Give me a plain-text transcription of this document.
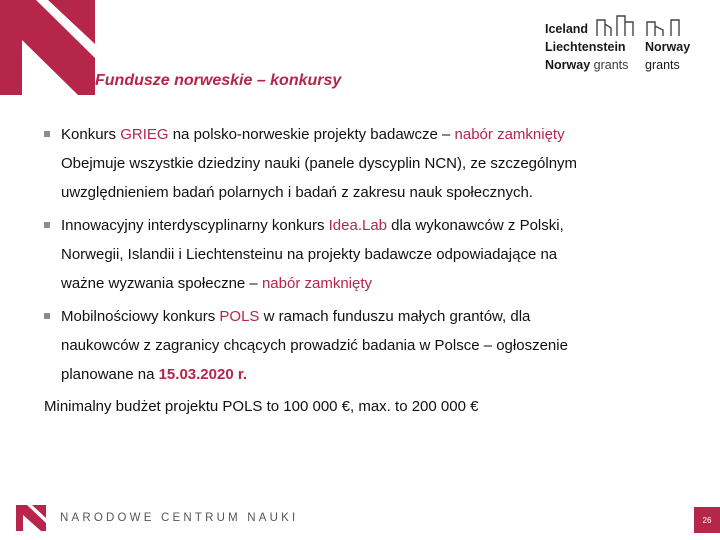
Fundusze norweskie – konkursy
Iceland
Liechtenstein Norway
Norway grants grants
Konkurs GRIEG na polsko-norweskie projekty badawcze – nabór zamknięty
Obejmuje wszystkie dziedziny nauki (panele dyscyplin NCN), ze szczególnym
uwzględnieniem badań polarnych i badań z zakresu nauk społecznych.
Innowacyjny interdyscyplinarny konkurs Idea.Lab dla wykonawców z Polski,
Norwegii, Islandii i Liechtensteinu na projekty badawcze odpowiadające na
ważne wyzwania społeczne – nabór zamknięty
Mobilnościowy konkurs POLS w ramach funduszu małych grantów, dla
naukowców z zagranicy chcących prowadzić badania w Polsce – ogłoszenie
planowane na 15.03.2020 r.
Minimalny budżet projektu POLS to 100 000 €, max. to 200 000 €
NARODOWE CENTRUM NAUKI	26
